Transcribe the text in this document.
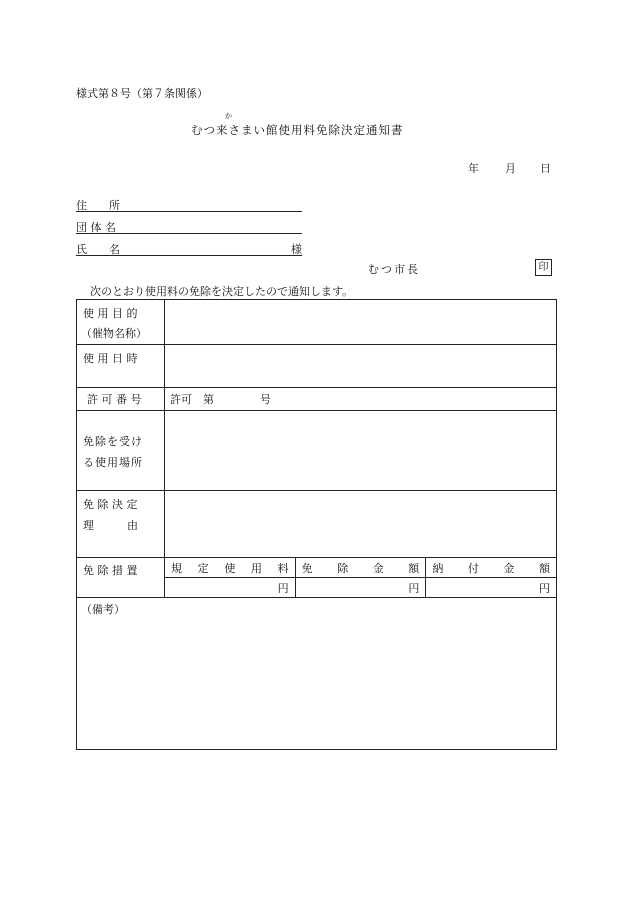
様式第８号（第７条関係）
か
むつ来さまい館使用料免除決定通知書
年 月 日
住　　所
団 体 名
氏　　名	様
むつ市長	印
次のとおり使用料の免除を決定したので通知します。
使 用 目 的
（催物名称）			

使 用 日 時			
許 可 番 号	許可　第 号		

免除を受け
る使用場所			

免 除 決 定
理　　　由			

免 除 措 置	規定使用料	免除金額	納付金額
	円	円	円
（備考）			
